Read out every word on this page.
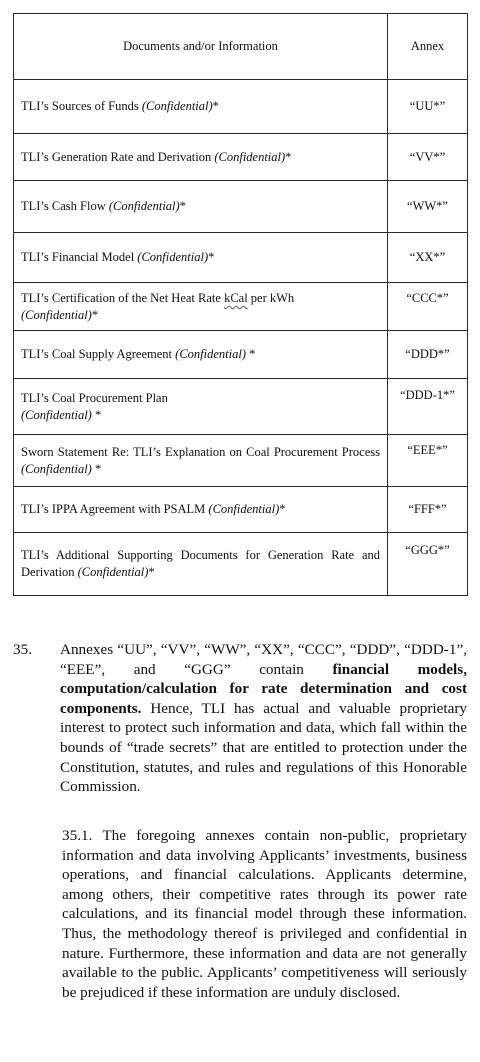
Documents and/or Information	Annex
TLI’s Sources of Funds (Confidential)*	“UU*”
TLI’s Generation Rate and Derivation (Confidential)*	“VV*”
TLI’s Cash Flow (Confidential)*	“WW*”
TLI’s Financial Model (Confidential)*	“XX*”
TLI’s Certification of the Net Heat Rate kCal per kWh
(Confidential)*	“CCC*”
TLI’s Coal Supply Agreement (Confidential) *	“DDD*”
TLI’s Coal Procurement Plan
(Confidential) *	“DDD-1*”
Sworn Statement Re: TLI’s Explanation on Coal Procurement Process (Confidential) *	“EEE*”
TLI’s IPPA Agreement with PSALM (Confidential)*	“FFF*”
TLI’s Additional Supporting Documents for Generation Rate and Derivation (Confidential)*	“GGG*”
35. Annexes “UU”, “VV”, “WW”, “XX”, “CCC”, “DDD”, “DDD-1”, “EEE”, and “GGG” contain financial models, computation/calculation for rate determination and cost components. Hence, TLI has actual and valuable proprietary interest to protect such information and data, which fall within the bounds of “trade secrets” that are entitled to protection under the Constitution, statutes, and rules and regulations of this Honorable Commission.
35.1. The foregoing annexes contain non-public, proprietary information and data involving Applicants’ investments, business operations, and financial calculations. Applicants determine, among others, their competitive rates through its power rate calculations, and its financial model through these information. Thus, the methodology thereof is privileged and confidential in nature. Furthermore, these information and data are not generally available to the public. Applicants’ competitiveness will seriously be prejudiced if these information are unduly disclosed.
